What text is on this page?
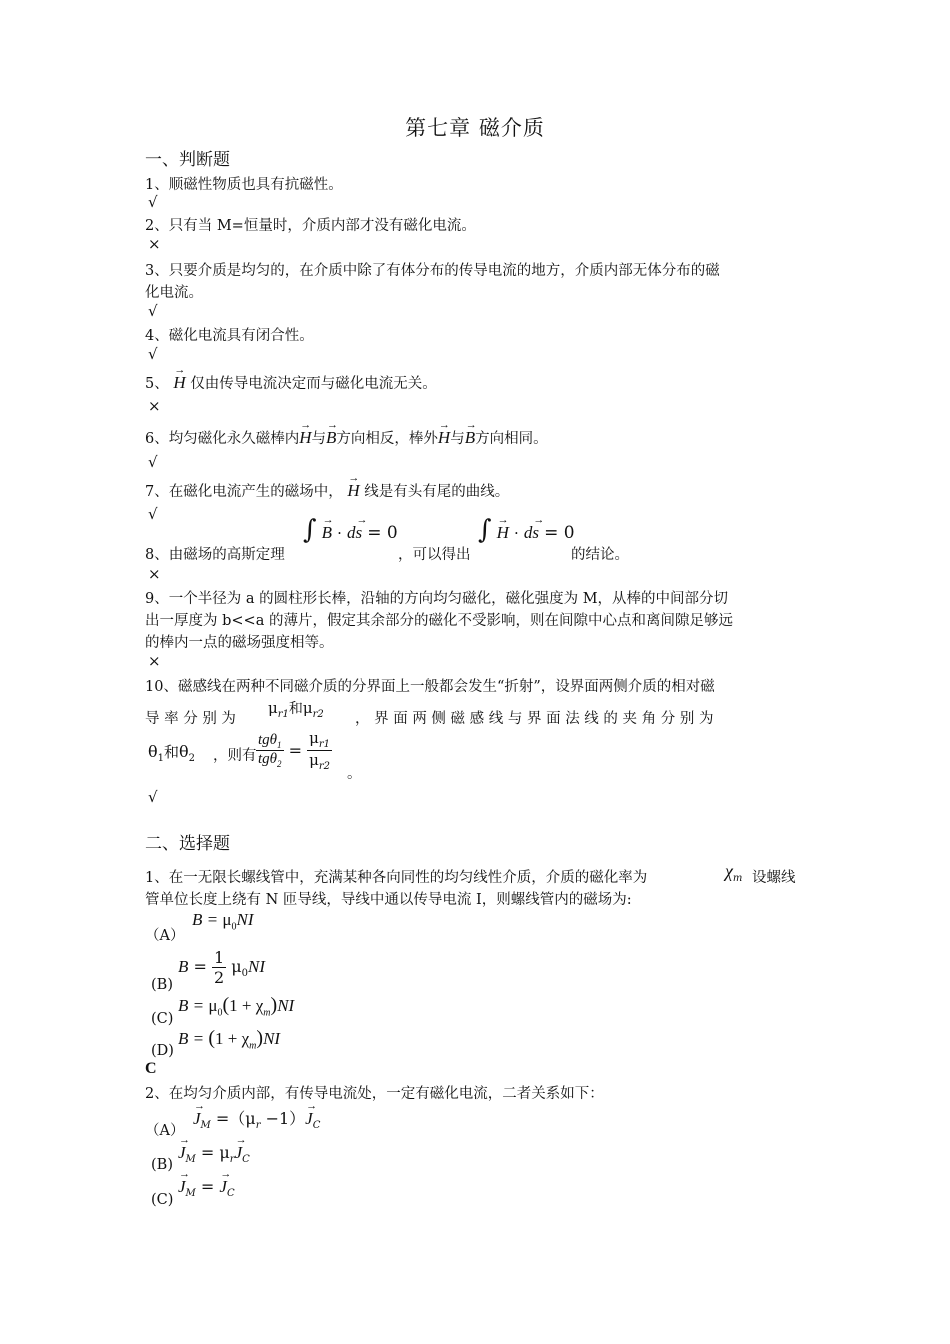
第七章 磁介质
一、判断题
1、顺磁性物质也具有抗磁性。
√
2、只有当 M=恒量时，介质内部才没有磁化电流。
×
3、只要介质是均匀的，在介质中除了有体分布的传导电流的地方，介质内部无体分布的磁
化电流。
√
4、磁化电流具有闭合性。
√
5、 → H 仅由传导电流决定而与磁化电流无关。
×
6、均匀磁化永久磁棒内→ H与→ B方向相反，棒外→ H与→ B方向相同。
√
7、在磁化电流产生的磁场中， → H 线是有头有尾的曲线。
√
8、由磁场的高斯定理
∫ → B · d→ s = 0
，可以得出
∫ → H · d→ s = 0
的结论。
×
9、一个半径为 a 的圆柱形长棒，沿轴的方向均匀磁化，磁化强度为 M，从棒的中间部分切
出一厚度为 b<<a 的薄片，假定其余部分的磁化不受影响，则在间隙中心点和离间隙足够远
的棒内一点的磁场强度相等。
×
10、磁感线在两种不同磁介质的分界面上一般都会发生“折射”，设界面两侧介质的相对磁
导 率 分 别 为
$\mu_{r1}$和$\mu_{r2}$ ， 界 面 两 侧 磁 感 线 与 界 面 法 线 的 夹 角 分 别 为
$\theta_1$和$\theta_2$ ，则有 $\frac{tg\theta_1}{tg\theta_2} = \frac{\mu_{r1}}{\mu_{r2}}$
。
√
二、选择题
1、在一无限长螺线管中，充满某种各向同性的均匀线性介质，介质的磁化率为	$\chi_m$ 设螺线
管单位长度上绕有 N 匝导线，导线中通以传导电流 I，则螺线管内的磁场为:
（A）
$B = \mu_0NI$
$B = \frac{1}{2} \mu_0NI$
(B)
(C)
$B = \mu_0(1 + \chi_m)NI$
(D)
$B = (1 + \chi_m)NI$
C
2、在均匀介质内部，有传导电流处，一定有磁化电流，二者关系如下：
（A）
→ $J_M =(\mu_r -1)\to J_C$
(B)
→ $J_M = \mu_r\to J_C$
(C)
→ $J_M$ = → $J_C$
